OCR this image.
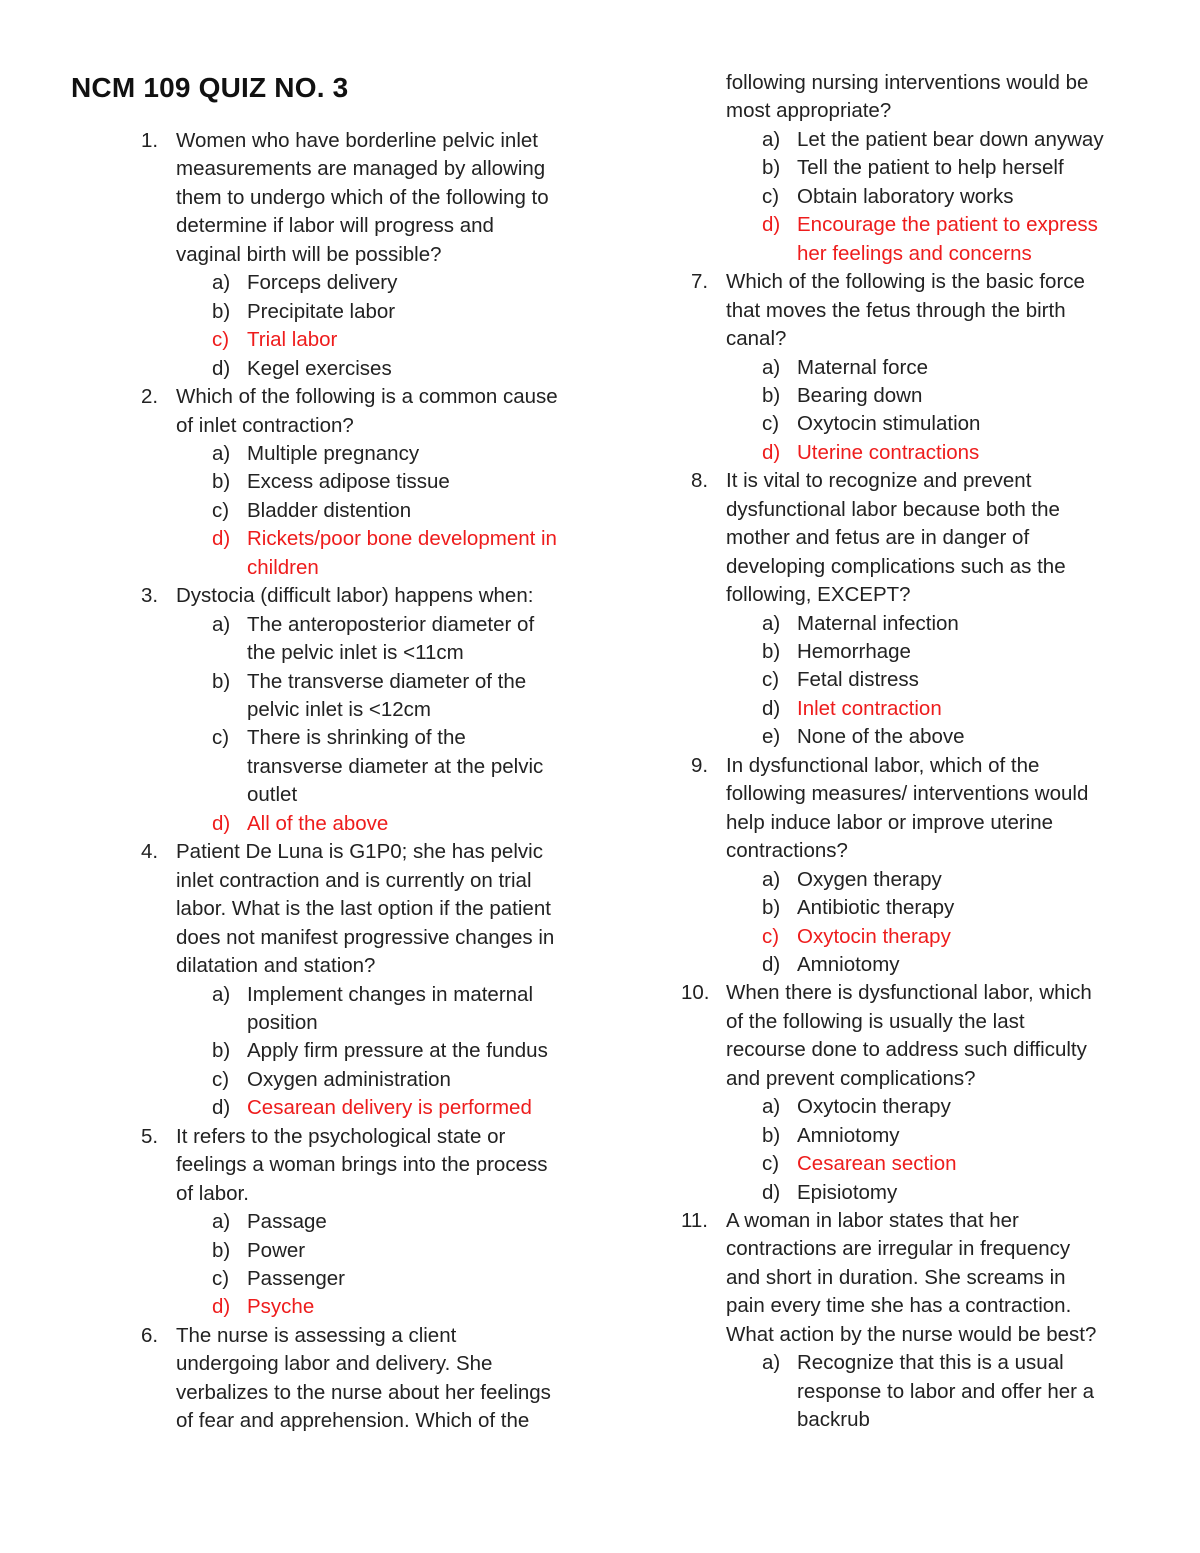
NCM 109 QUIZ NO. 3
1. Women who have borderline pelvic inlet
measurements are managed by allowing
them to undergo which of the following to
determine if labor will progress and
vaginal birth will be possible?
a) Forceps delivery
b) Precipitate labor
c) Trial labor
d) Kegel exercises
2. Which of the following is a common cause
of inlet contraction?
a) Multiple pregnancy
b) Excess adipose tissue
c) Bladder distention
d) Rickets/poor bone development in
children
3. Dystocia (difficult labor) happens when:
a) The anteroposterior diameter of
the pelvic inlet is <11cm
b) The transverse diameter of the
pelvic inlet is <12cm
c) There is shrinking of the
transverse diameter at the pelvic
outlet
d) All of the above
4. Patient De Luna is G1P0; she has pelvic
inlet contraction and is currently on trial
labor. What is the last option if the patient
does not manifest progressive changes in
dilatation and station?
a) Implement changes in maternal
position
b) Apply firm pressure at the fundus
c) Oxygen administration
d) Cesarean delivery is performed
5. It refers to the psychological state or
feelings a woman brings into the process
of labor.
a) Passage
b) Power
c) Passenger
d) Psyche
6. The nurse is assessing a client
undergoing labor and delivery. She
verbalizes to the nurse about her feelings
of fear and apprehension. Which of the
following nursing interventions would be
most appropriate?
a) Let the patient bear down anyway
b) Tell the patient to help herself
c) Obtain laboratory works
d) Encourage the patient to express
her feelings and concerns
7. Which of the following is the basic force
that moves the fetus through the birth
canal?
a) Maternal force
b) Bearing down
c) Oxytocin stimulation
d) Uterine contractions
8. It is vital to recognize and prevent
dysfunctional labor because both the
mother and fetus are in danger of
developing complications such as the
following, EXCEPT?
a) Maternal infection
b) Hemorrhage
c) Fetal distress
d) Inlet contraction
e) None of the above
9. In dysfunctional labor, which of the
following measures/ interventions would
help induce labor or improve uterine
contractions?
a) Oxygen therapy
b) Antibiotic therapy
c) Oxytocin therapy
d) Amniotomy
10. When there is dysfunctional labor, which
of the following is usually the last
recourse done to address such difficulty
and prevent complications?
a) Oxytocin therapy
b) Amniotomy
c) Cesarean section
d) Episiotomy
11. A woman in labor states that her
contractions are irregular in frequency
and short in duration. She screams in
pain every time she has a contraction.
What action by the nurse would be best?
a) Recognize that this is a usual
response to labor and offer her a
backrub
